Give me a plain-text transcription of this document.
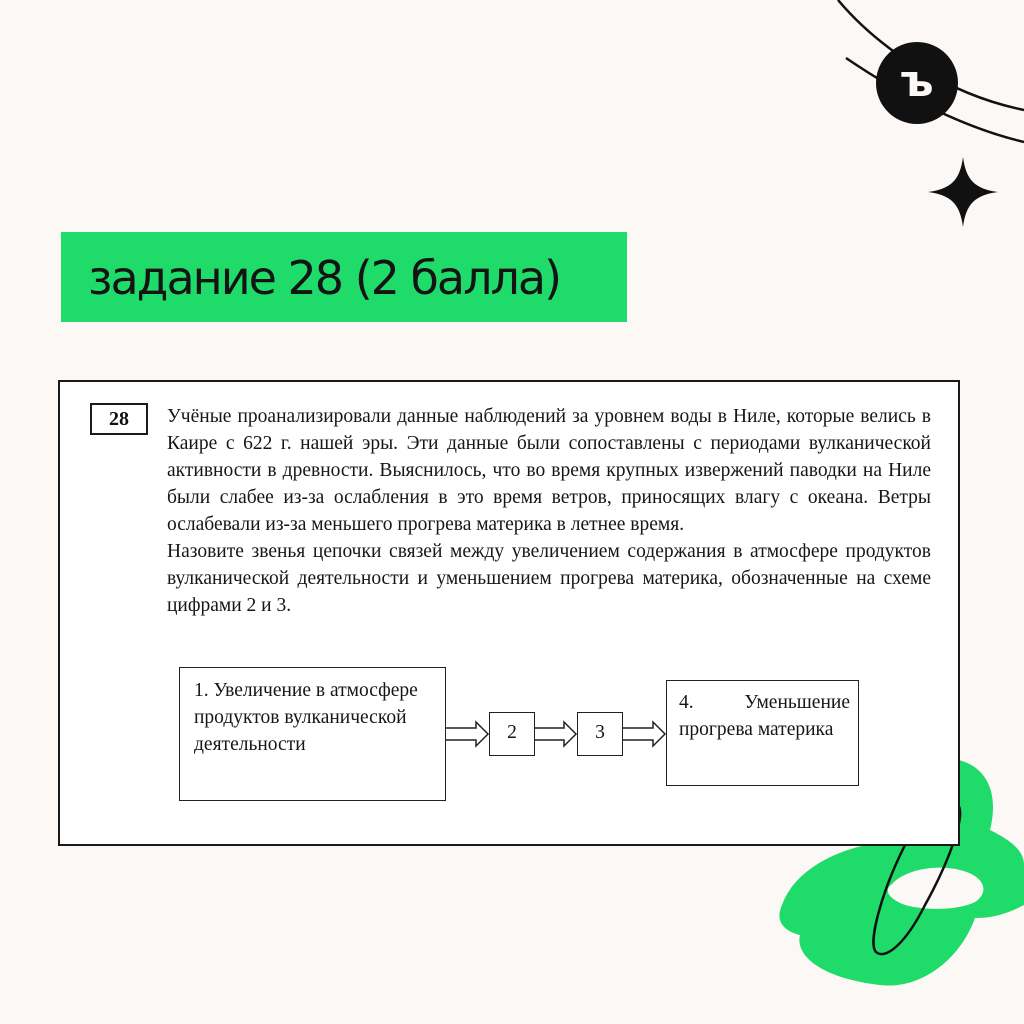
ъ
задание 28 (2 балла)
28	Учёные проанализировали данные наблюдений за уровнем воды в Ниле, которые велись в Каире с 622 г. нашей эры. Эти данные были сопоставлены с периодами вулканической активности в древности. Выяснилось, что во время крупных извержений паводки на Ниле были слабее из-за ослабления в это время ветров, приносящих влагу с океана. Ветры ослабевали из-за меньшего прогрева материка в летнее время.

Назовите звенья цепочки связей между увеличением содержания в атмосфере продуктов вулканической деятельности и уменьшением прогрева материка, обозначенные на схеме цифрами 2 и 3.

1. Увеличение в атмосфере продуктов вулканической деятельности
2	3
4. Уменьшение прогрева материка
